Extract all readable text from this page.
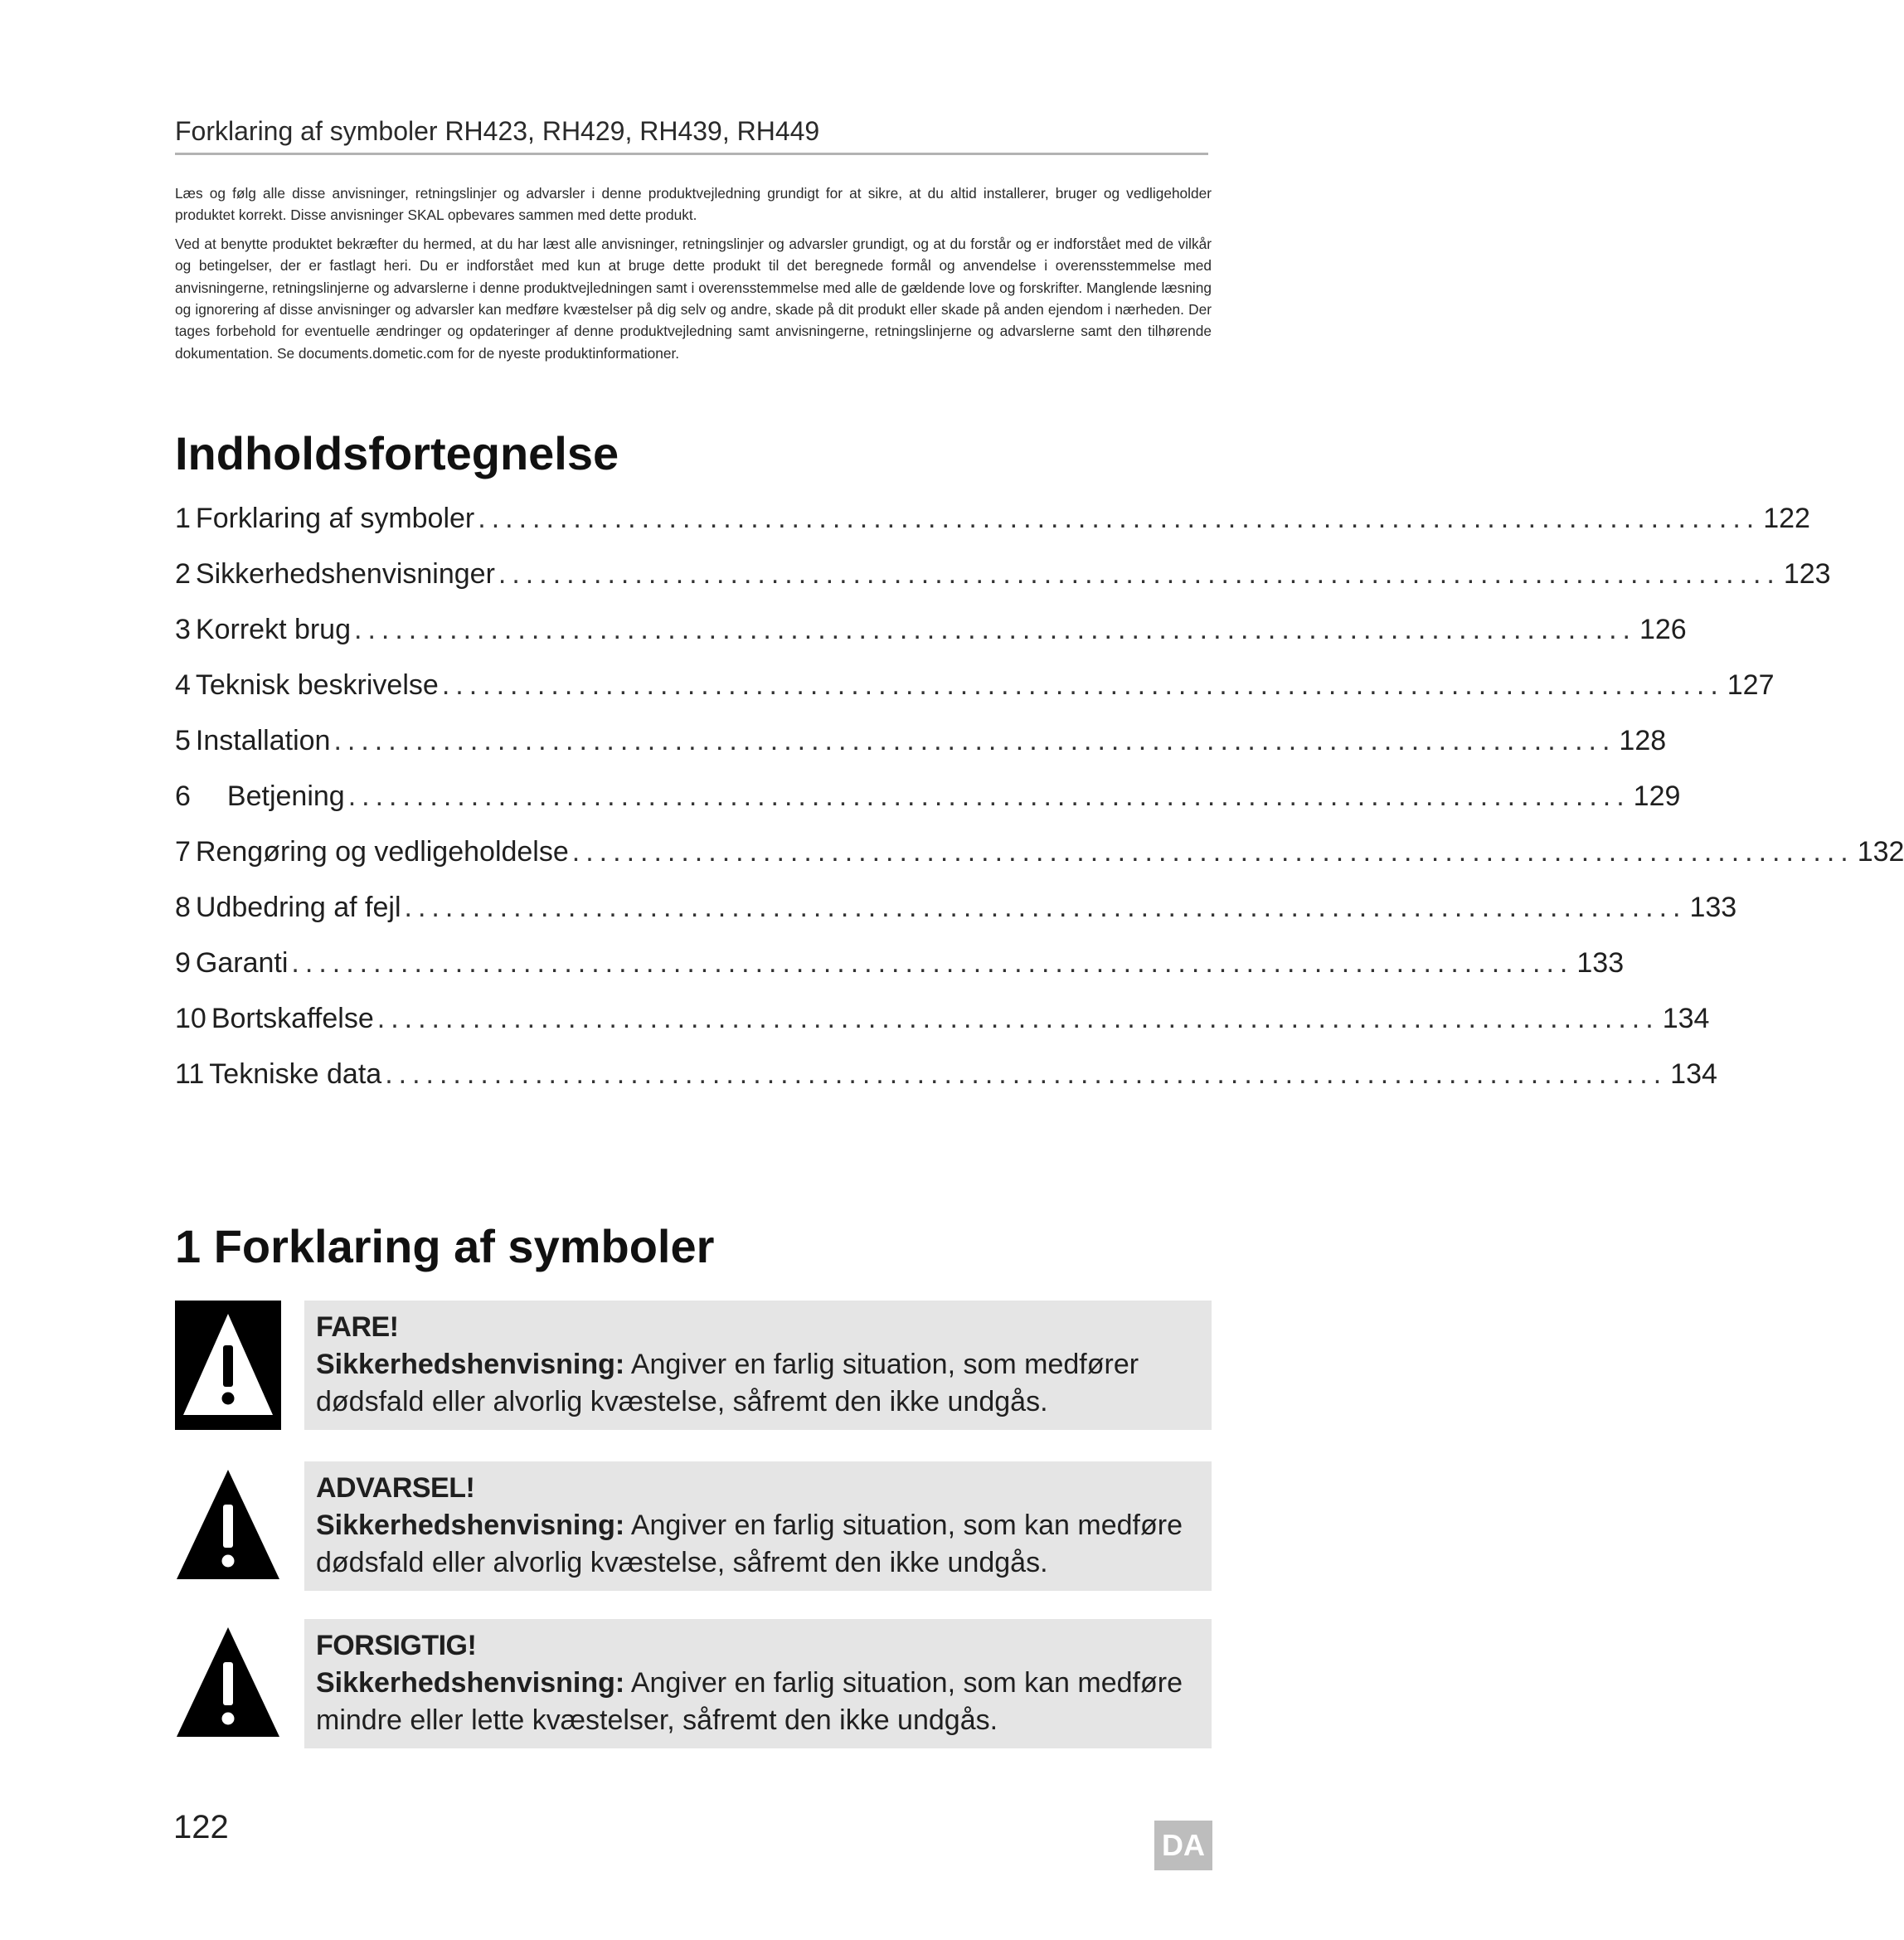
Forklaring af symboler RH423, RH429, RH439, RH449

Læs og følg alle disse anvisninger, retningslinjer og advarsler i denne produktvejledning grundigt for at sikre, at du altid installerer, bruger og vedligeholder produktet korrekt. Disse anvisninger SKAL opbevares sammen med dette produkt.

Ved at benytte produktet bekræfter du hermed, at du har læst alle anvisninger, retningslinjer og advarsler grundigt, og at du forstår og er indforstået med de vilkår og betingelser, der er fastlagt heri. Du er indforstået med kun at bruge dette produkt til det beregnede formål og anvendelse i overensstemmelse med anvisningerne, retningslinjerne og advarslerne i denne produktvejledningen samt i overensstemmelse med alle de gældende love og forskrifter. Manglende læsning og ignorering af disse anvisninger og advarsler kan medføre kvæstelser på dig selv og andre, skade på dit produkt eller skade på anden ejendom i nærheden. Der tages forbehold for eventuelle ændringer og opdateringer af denne produktvejledning samt anvisningerne, retningslinjerne og advarslerne samt den tilhørende dokumentation. Se documents.dometic.com for de nyeste produktinformationer.

Indholdsfortegnelse
1 Forklaring af symboler .............................................................................................. 122
2 Sikkerhedshenvisninger .............................................................................................. 123
3 Korrekt brug .............................................................................................. 126
4 Teknisk beskrivelse .............................................................................................. 127
5 Installation .............................................................................................. 128
6 Betjening .............................................................................................. 129
7 Rengøring og vedligeholdelse .............................................................................................. 132
8 Udbedring af fejl .............................................................................................. 133
9 Garanti .............................................................................................. 133
10 Bortskaffelse .............................................................................................. 134
11 Tekniske data .............................................................................................. 134
1 Forklaring af symboler
FARE!
Sikkerhedshenvisning: Angiver en farlig situation, som medfører dødsfald eller alvorlig kvæstelse, såfremt den ikke undgås.
ADVARSEL!
Sikkerhedshenvisning: Angiver en farlig situation, som kan medføre dødsfald eller alvorlig kvæstelse, såfremt den ikke undgås.
FORSIGTIG!
Sikkerhedshenvisning: Angiver en farlig situation, som kan medføre mindre eller lette kvæstelser, såfremt den ikke undgås.
122	DA
